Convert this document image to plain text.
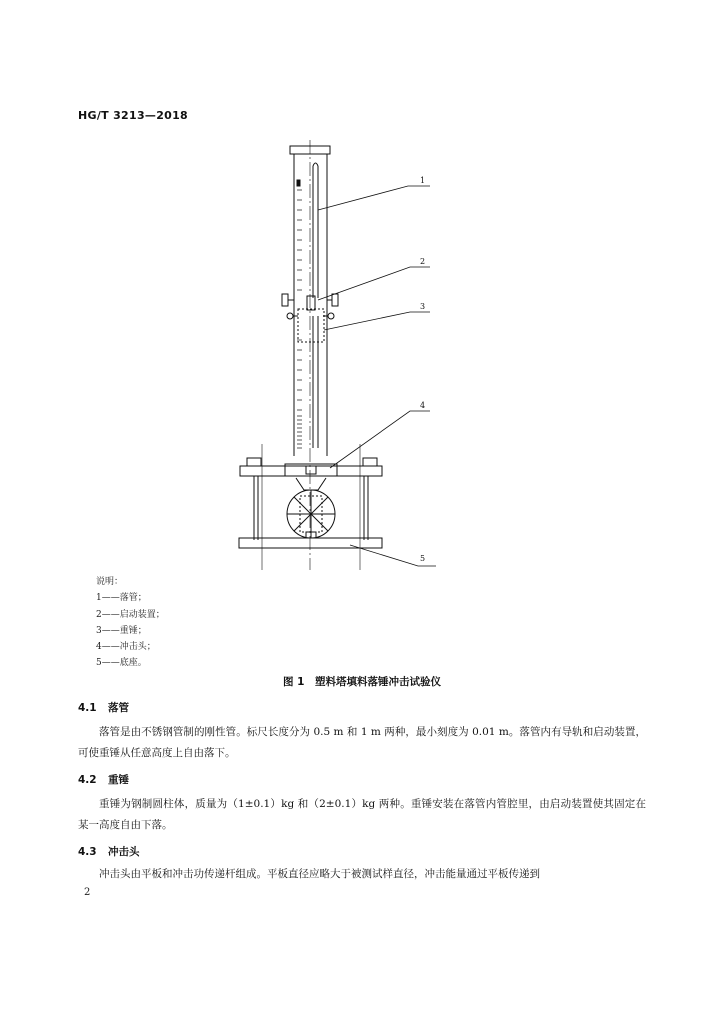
HG/T 3213—2018
1
2
3
4
5
说明：
1——落管；
2——启动装置；
3——重锤；
4——冲击头；
5——底座。
图 1　塑料塔填料落锤冲击试验仪
4.1 落管
落管是由不锈钢管制的刚性管。标尺长度分为 0.5 m 和 1 m 两种，最小刻度为 0.01 m。落管内有导轨和启动装置，可使重锤从任意高度上自由落下。
4.2 重锤
重锤为钢制圆柱体，质量为（1±0.1）kg 和（2±0.1）kg 两种。重锤安装在落管内管腔里，由启动装置使其固定在某一高度自由下落。
4.3 冲击头
冲击头由平板和冲击功传递杆组成。平板直径应略大于被测试样直径，冲击能量通过平板传递到
2
